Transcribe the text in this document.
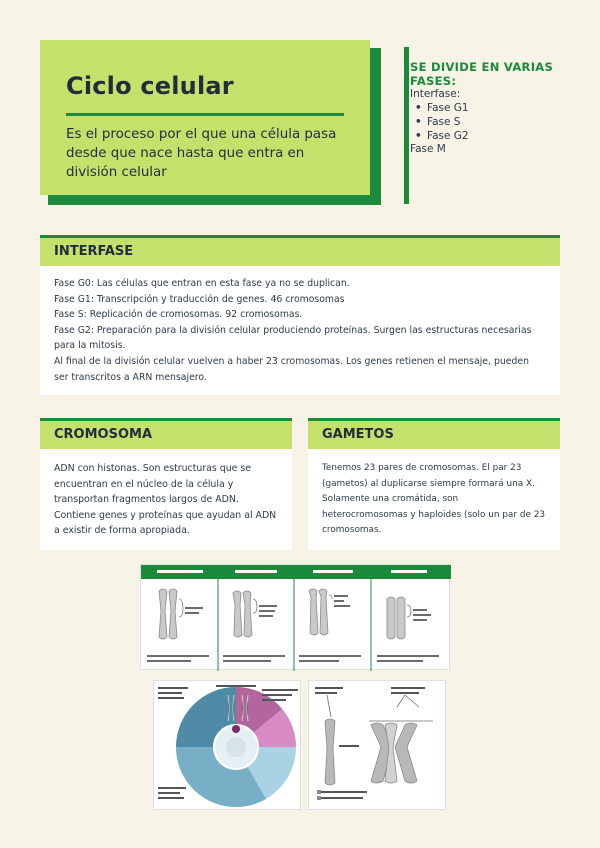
Ciclo celular

Es el proceso por el que una célula pasa desde que nace hasta que entra en división celular

SE DIVIDE EN VARIAS FASES:
Interfase:
• Fase G1
• Fase S
• Fase G2
Fase M
INTERFASE
Fase G0: Las células que entran en esta fase ya no se duplican.
Fase G1: Transcripción y traducción de genes. 46 cromosomas
Fase S: Replicación de cromosomas. 92 cromosomas.
Fase G2: Preparación para la división celular produciendo proteínas. Surgen las estructuras necesarias para la mitosis.
Al final de la división celular vuelven a haber 23 cromosomas. Los genes retienen el mensaje, pueden ser transcritos a ARN mensajero.
CROMOSOMA
ADN con histonas. Son estructuras que se encuentran en el núcleo de la célula y transportan fragmentos largos de ADN. Contiene genes y proteínas que ayudan al ADN a existir de forma apropiada.
GAMETOS
Tenemos 23 pares de cromosomas. El par 23 (gametos) al duplicarse siempre formará una X. Solamente una cromátida, son heterocromosomas y haploides (solo un par de 23 cromosomas.
